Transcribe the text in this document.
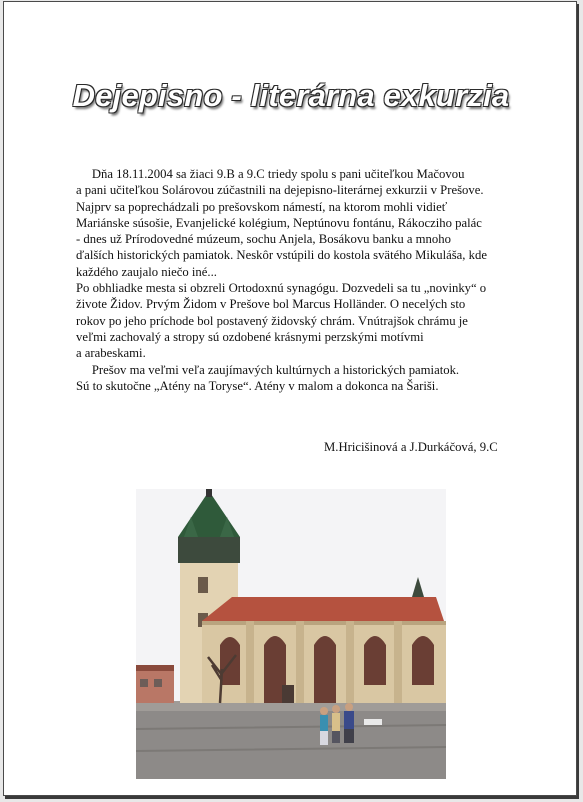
Dejepisno - literárna exkurzia
Dňa 18.11.2004 sa žiaci 9.B a 9.C triedy spolu s pani učiteľkou Mačovou
a pani učiteľkou Solárovou zúčastnili na dejepisno-literárnej exkurzii v Prešove.
Najprv sa poprechádzali po prešovskom námestí, na ktorom mohli vidieť
Mariánske súsošie, Evanjelické kolégium, Neptúnovu fontánu, Rákocziho palác
- dnes už Prírodovedné múzeum, sochu Anjela, Bosákovu banku a mnoho
ďalších historických pamiatok. Neskôr vstúpili do kostola svätého Mikuláša, kde
každého zaujalo niečo iné...
Po obhliadke mesta si obzreli Ortodoxnú synagógu. Dozvedeli sa tu „novinky“ o
živote Židov. Prvým Židom v Prešove bol Marcus Holländer. O necelých sto
rokov po jeho príchode bol postavený židovský chrám. Vnútrajšok chrámu je
veľmi zachovalý a stropy sú ozdobené krásnymi perzskými motívmi
a arabeskami.
Prešov ma veľmi veľa zaujímavých kultúrnych a historických pamiatok.
Sú to skutočne „Atény na Toryse“. Atény v malom a dokonca na Šariši.
M.Hricišinová a J.Durkáčová, 9.C
